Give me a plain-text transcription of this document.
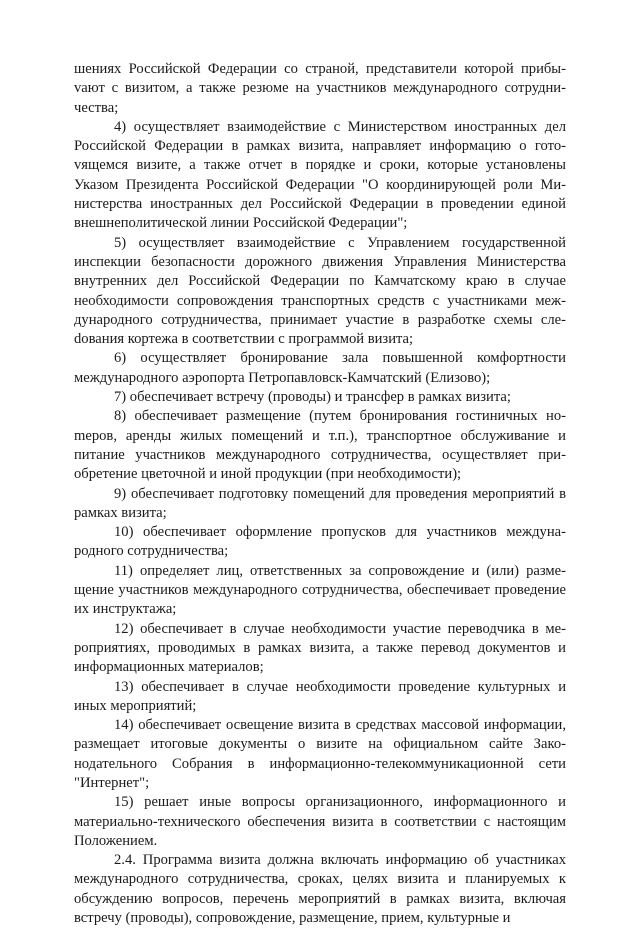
шениях Российской Федерации со страной, представители которой прибыvают с визитом, а также резюме на участников международного сотрудничества;

4) осуществляет взаимодействие с Министерством иностранных дел Российской Федерации в рамках визита, направляет информацию о готоvящемся визите, а также отчет в порядке и сроки, которые установлены Указом Президента Российской Федерации "О координирующей роли Министерства иностранных дел Российской Федерации в проведении единой внешнеполитической линии Российской Федерации";

5) осуществляет взаимодействие с Управлением государственной инспекции безопасности дорожного движения Управления Министерства внутренних дел Российской Федерации по Камчатскому краю в случае необходимости сопровождения транспортных средств с участниками международного сотрудничества, принимает участие в разработке схемы слеdования кортежа в соответствии с программой визита;

6) осуществляет бронирование зала повышенной комфортности международного аэропорта Петропавловск-Камчатский (Елизово);

7) обеспечивает встречу (проводы) и трансфер в рамках визита;

8) обеспечивает размещение (путем бронирования гостиничных ноmеров, аренды жилых помещений и т.п.), транспортное обслуживание и питание участников международного сотрудничества, осуществляет приобретение цветочной и иной продукции (при необходимости);

9) обеспечивает подготовку помещений для проведения мероприятий в рамках визита;

10) обеспечивает оформление пропусков для участников международного сотрудничества;

11) определяет лиц, ответственных за сопровождение и (или) размещение участников международного сотрудничества, обеспечивает проведение их инструктажа;

12) обеспечивает в случае необходимости участие переводчика в мероприятиях, проводимых в рамках визита, а также перевод документов и информационных материалов;

13) обеспечивает в случае необходимости проведение культурных и иных мероприятий;

14) обеспечивает освещение визита в средствах массовой информации, размещает итоговые документы о визите на официальном сайте Законодательного Собрания в информационно-телекоммуникационной сети "Интернет";

15) решает иные вопросы организационного, информационного и материально-технического обеспечения визита в соответствии с настоящим Положением.

2.4. Программа визита должна включать информацию об участниках международного сотрудничества, сроках, целях визита и планируемых к обсуждению вопросов, перечень мероприятий в рамках визита, включая встречу (проводы), сопровождение, размещение, прием, культурные и
